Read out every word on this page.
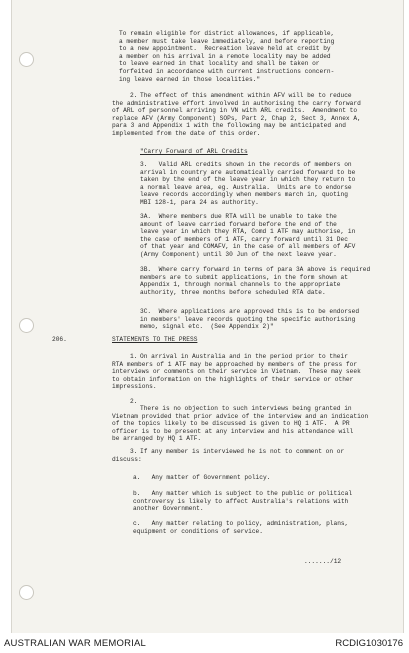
To remain eligible for district allowances, if applicable,
a member must take leave immediately, and before reporting
to a new appointment.  Recreation leave held at credit by
a member on his arrival in a remote locality may be added
to leave earned in that locality and shall be taken or
forfeited in accordance with current instructions concern-
ing leave earned in those localities."
2. The effect of this amendment within AFV will be to reduce
the administrative effort involved in authorising the carry forward
of ARL of personnel arriving in VN with ARL credits.  Amendment to
replace AFV (Army Component) SOPs, Part 2, Chap 2, Sect 3, Annex A,
para 3 and Appendix 1 with the following may be anticipated and
implemented from the date of this order.
"Carry Forward of ARL Credits
3.   Valid ARL credits shown in the records of members on
arrival in country are automatically carried forward to be
taken by the end of the leave year in which they return to
a normal leave area, eg. Australia.  Units are to endorse
leave records accordingly when members march in, quoting
MBI 128-1, para 24 as authority.
3A.  Where members due RTA will be unable to take the
amount of leave carried forward before the end of the
leave year in which they RTA, Comd 1 ATF may authorise, in
the case of members of 1 ATF, carry forward until 31 Dec
of that year and COMAFV, in the case of all members of AFV
(Army Component) until 30 Jun of the next leave year.
3B.  Where carry forward in terms of para 3A above is required
members are to submit applications, in the form shown at
Appendix 1, through normal channels to the appropriate
authority, three months before scheduled RTA date.
3C.  Where applications are approved this is to be endorsed
in members' leave records quoting the specific authorising
memo, signal etc.  (See Appendix 2)"
206.	STATEMENTS TO THE PRESS
1. On arrival in Australia and in the period prior to their
RTA members of 1 ATF may be approached by members of the press for
interviews or comments on their service in Vietnam.  These may seek
to obtain information on the highlights of their service or other
impressions.
2.
There is no objection to such interviews being granted in
Vietnam provided that prior advice of the interview and an indication
of the topics likely to be discussed is given to HQ 1 ATF.  A PR
officer is to be present at any interview and his attendance will
be arranged by HQ 1 ATF.
3. If any member is interviewed he is not to comment on or
discuss:
a.   Any matter of Government policy.
b.   Any matter which is subject to the public or political
controversy is likely to affect Australia's relations with
another Government.
c.   Any matter relating to policy, administration, plans,
equipment or conditions of service.
......./12
AUSTRALIAN WAR MEMORIAL	RCDIG1030176
